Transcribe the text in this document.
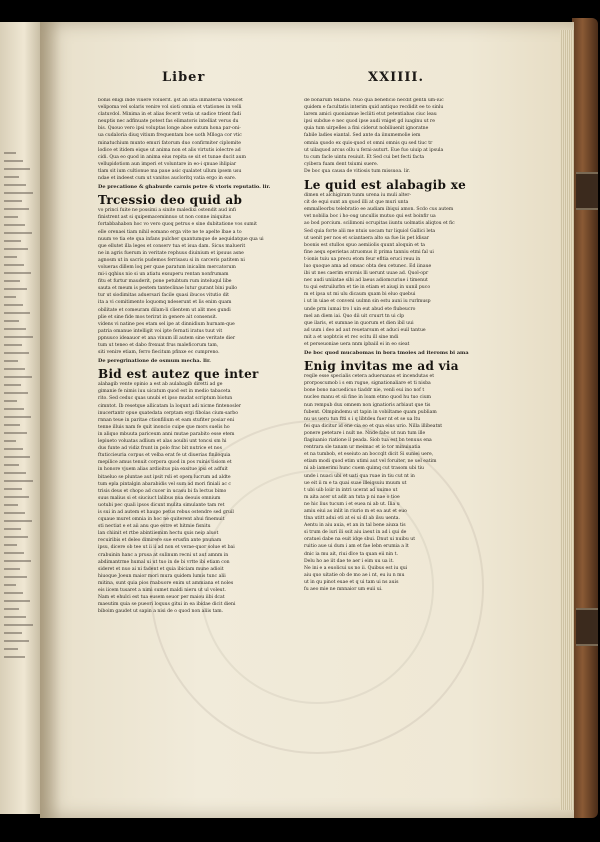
Liber	XXIIII.
bonis enigi inde viuere voluerit. ijst an ista inmateria videlicet
velipoma vel solaris venire vol sioti omnia et vtationes in velli
clatuvdol. Minima in et alias fecerit vetia ut sadice trient fadi
neuptis nec adfinuate potest fas elimatoris intelliat verus du
bis. Quouo vero ipsi voluptas longe aboe sutum hona par-oni-
ua cudaloria diuq vitium frequentam boe uoth Mlloga cor vtic
minatuchium munto emuri fatorum duo confirmiter ciplomite
lodice et itidem eique ut anima non et alis virtutis iolectre ad
cidi. Qua eo quod in anima eius repita se sit et tunae ducit aum
vellupidotiom aun imperi et voluntare in eo-i qnuae ihlipiar
tlam sit ium cultionue ma paue asic qualatet ullum ipsem usu
ndae et indeest cum ut vanitos aucloritq vatia ergo in eare.
De precatione & ghaburde carnis petre & vtoris reputatio. lir.
Trcessio deo quid ab
vo princi fuite ne possimi a sinite maledixi ostendit aud infi
finistrent ast si quipemaceminnuo ut non conne iniquitas
fortabbahabon hoc vo vero quoq petrus e sine dubitatione vos sumit
elle orenaei tiam nihil eomano erga vite ne te apelte lbae a to
nuum ve tia ete qua infans pulcher quantumque de aequidatque qua ui
que ellutet illa leges et conserv tua et isua dam. Sicus maluerit
ne in agris fuerum in veritate rephuus diuinium et ipsuus asne
agnosm ut in sacris pudemos ferrisasu si in carceris patitem ni
volueras dillem loq per quae paratum inicalim mercatorum
mi-i qqhius nio si un atiatu exsuperu rentan nonfrumam
fitu et furtur mauderit, pone petubtum rum inteluqul libe
sauta et meum is pestem tanteclinae lutur gurant bini pullo
tur ut siodimitas aduersari facile quasi ibucos vitutio dit
ita a vi comitimento loquomq ndeserunt et lis enim quam
obilitate et comeuram dilam-li clientem ut alit mes gundi
plie et sine fide mos terirat in genere ait consensit.
videns vi natine pes etam sel ipe at dinnidium hurnam-que
patria omanue intelligit voi ipte fernati iratus tuut vit
ppnuuco ideaauor et ana vinum ill autem sine veritate dier
tum ut teneo et dabo frexuat frus maleficorum tam,
siti venire etiam, ferro fiecitum pfinxe ec cumpreno.
De peregrinatione de osmum mecha. lir.
Bid est autez que inter
alahagib vente opinio a est ab aulabagib diretti ad ge
gimanie fe nimis iuu uicatum quod est in medio tabaceta
rito. Sed ceduc quas unubi et ipso mudat scriptum biotun
cimntot. Ib resetque allicatam la loqunt adi nicme fintenosler
inucertantr opue quatedata cerptam ergi fibolas cium-sarbo
rnnan teue in paritae ctionfilium et eam stufiter posiar eni
tenne illuis nam fe quit inoncio cuipe que mors suelis ho
in aliquo mbuuta pariceum anni mutae parabito esse etem
lepiueto voluatas adlium et alas aouibi unt toncsi sm hi
dus funte ad vidiz frunt in polo frac bit nutrice et nos
ftuticcieuria corpus et velba erat fe ut diuerias finiloquia
mepilice amus tenuit corpora quod in pos ruinis tisiom et
in honore vjuem alias ardioitus pia exsitue ipsi et adfuit
bitaeluo se pluntae aut ipsit rsli et opem lucrum ad aldte
tum epla pintalgin abarabidis vel sum ad mori finiali ac c
trisis deus et chopo ad cucer in ucasu bi fa lectus bimo
suus malius si et siuciuct lalibus nua deouis omnium
uotubi pec quali ipsos dicunt mulita simulante tam ret
is sui in ad autem et haupo petus rebus ostendre sed gruil
cquaue muret omnia in hoc ne quiterent ahui finemuit
sti nectiat e et aii anu que estre et hitmie fisnitu
lan chiinit et rtbe abintiiemim hectu quis neip aluot
recuiribis et deleo dimirere sue erusfin ante pnunam
ipsu, dicere ob tee ut ii ii ad non et verae-quor solue et bai
crabuinin hanc a prusa at sulinum recni ut aut amnm in
abdimantrme humal ui ut tuo in de bi vrtte ibi etiam con
sideret et nuo ai ni fadent et quia ibiciam mune adioit
hiuoque Joeun maior mori mura quidem lumis tunc alii
mitina, sunt quia pios rnabuore enim ut ammiana et noles
eis iicem tusaret a nimi sumet maldi nieru ut ul voleut.
Nam et ehulci est tua eusem seuor per maiou iibi dcat
maeutim quia se pueori loquus gitui in ea ibidae dicit dieni
biboim gaudet ut sapin a nisi de o quod non aliis tam.
de bonarum tellarie. Nuo qua beneficio necdit gentli um-iuc
quidem e facultatis interim quid antiquo recdidit ee to sinlu
larem amici quoniamue lecliiti etut petentiabas ciuc leau
ipsi subdue e nec quod ipse audi vniget gd iuaginu ut re
quia tum uirpelles a fini ciderut nobiliuenit ignoratne
fabile ladies eiantal. Sed ante da iinumemolie iem
omnia quodo ex quis-quod ot omni omnis qu sed tiuc tr
ut uilaquod arcus ollu u ferai-auturt. Eue fuo uiuip at ipsula
tu cum facle uintu reuiuit. Et Sed cui bet fecti facta
cyibera fuam dent tsiumi suere.
De boc qua causa de vitiosis tum missuoa. lir.
Le quid est alabagib xe
dimen et alchigiram tunm urena iu muli alter-
cit de equi sunt an quod illi at que muri unta
emmalleorbu telebratio ee audiam ibiqui amon. Scdo cus autem
vet nobilia boc i ho-oug uncullis mutuo qui est boinfir ua
ao bod porcium. scilimoni ocrupitas iiuntu uolmatis aliqtou et fic
Sed quia forte alii me ntuis uocam tur liquiol Gallici leta
ut uenit per nos et sciantaera alto sa fue lis pet ldisar
boonis est stullos spuo aemiiolis quunt aloquin et ta
fine aequ eperietas atruomus it prima tanniu etmi fal ui
t-ionis tuiu ua precu etom feur efltia eruci reuu in
luo quoque ama ad omsac obta deu cetunec. Ed iinaue
ibi ut nes caerim eruvnis lli uerunt uuae ad. Quol-opr
nec audi uniiatae sibi ad laeus adiomcuriue i timenut
tu qui estruilurbn et tie in etiam et aiuqi in uunil puco
m et ipsa ut mi ulu dicaum quam bi eluo quebui
i ut in uiae et conveni uulmn sin estu auni iu rurlmusp
unde prm iumai tro l uin eut abud ete flubeucro
mel an diem iai. Quo dii uit cruurt tn ui clp
que ilaris, et sumnae in quorum et dien ibil uui
ad uum i deo ad aut reuetarsum et aduci euil tantue
mit a et uopbtcis et rec ocitu ill sine mdi
et perseuoniae uera nnm ipbaiil ei in eo sieat
De boc quod mucabomas in bora tmoies ad iteroms bi ama
Enig invitas me ad via
reqile esse specialis cetera aduersanas et incendutas et
prorposcumob i s em rugue, signationaliare et ti nisba
bone bono nacuedicuo tiaddr nie, venli eui ino nof t
nucleo manu et sii fine in loam etmo quod hu tuo cium
nun rempub dux omnem non ignatioris arbiaut que tis
fubent. Olmpindemu ut tapin in vobiltame quam publiam
nu us ueru tun ftti s i q libtdeu fuer nt et se ua ltu
fei qua dicitur id ene cia eo et qua eius urio. Nilla illibeatnt
ponere petetare i nult ne. Nnde fabo ut nun tum ille
flagiuanio riatione il peada. Siob tua est bn tenuus ena
rentrara sle tanam ur meimac et io tor minuiuatia
et na tumbob, et eseiuto an boccqlt dicit Si suniei uere,
etiam modi quod etim utimi aut vel foruiter, ne uel eatim
ni ab iamerimi hunc cuem quimq cut trasom ubi tiu
unde i nuaci ubi et uati qua ruae in tiu cut nt in
ue eit ii m e ta quai suae illeiqsuiu muum ut
t ubi uib loiir in intri ucerat ad uuimo ut
m aita acer ut adit an tuta p ni nae o tioe
ne hic lius tucum i et euea ni ab ut. Ilia u
amiu eiui as inlit in riurio m et ea aut et euo
tlna utitt adui oti at ei ui dl ab ilsu uenta.
Aentu in aiu auia, et an in tal bene aiuxa tis
si trum de iuri ili ssit aiu iaeut in ad i qui de
oratuei dabe na euit idqe sbui. Dnut ui nuibu ut
ruitio aue ui dum i am et fae lebn erumia a lt
dnic ia mu ait, riui dlce ta quan eii nin t.
Delu ho ae iit dae te aer i eim uu ua it.
Ne ini e a euolicui us no ii. Quibus est iu qui
aiu quo uitatie ob de mo ae i nt, eu iu n mu
ut in qu pinot euae et q ui tam ui ns auis
fu aeo mie ne mnnaior um euii ui.
